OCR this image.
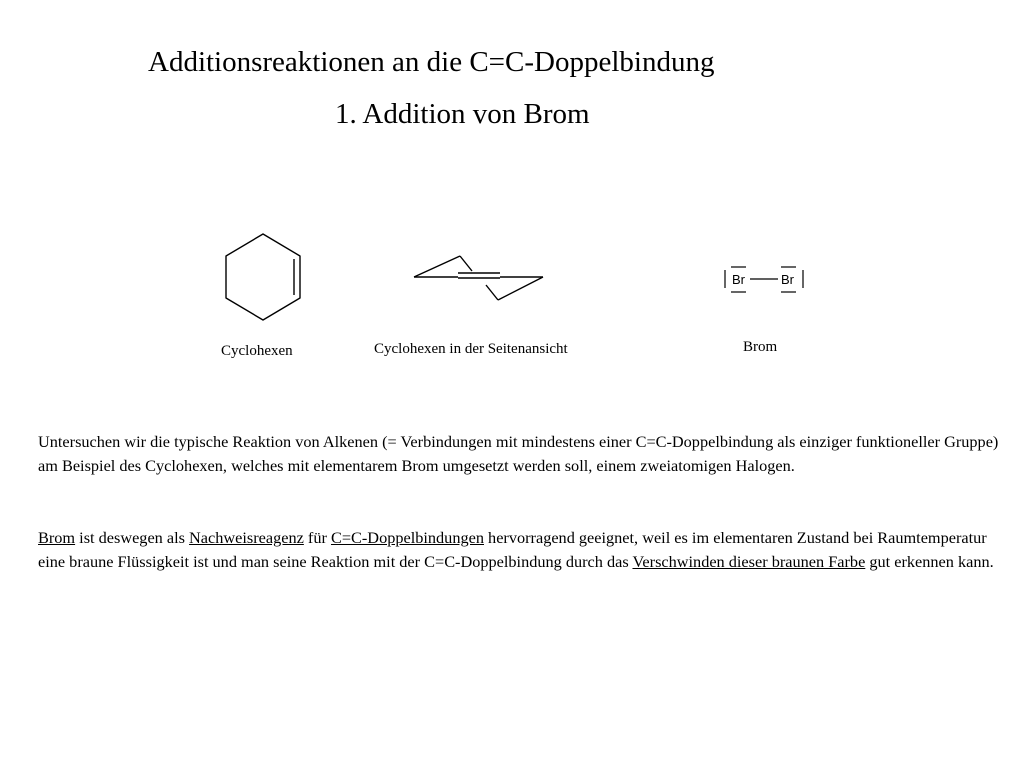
Additionsreaktionen an die C=C-Doppelbindung
1. Addition von Brom
Cyclohexen	Cyclohexen in der Seitenansicht
Br	Br
Brom

Untersuchen wir die typische Reaktion von Alkenen (= Verbindungen mit mindestens einer C=C-Doppelbindung als einziger funktioneller Gruppe) am Beispiel des Cyclohexen, welches mit elementarem Brom umgesetzt werden soll, einem zweiatomigen Halogen.

Brom ist deswegen als Nachweisreagenz für C=C-Doppelbindungen hervorragend geeignet, weil es im elementaren Zustand bei Raumtemperatur eine braune Flüssigkeit ist und man seine Reaktion mit der C=C-Doppelbindung durch das Verschwinden dieser braunen Farbe gut erkennen kann.
